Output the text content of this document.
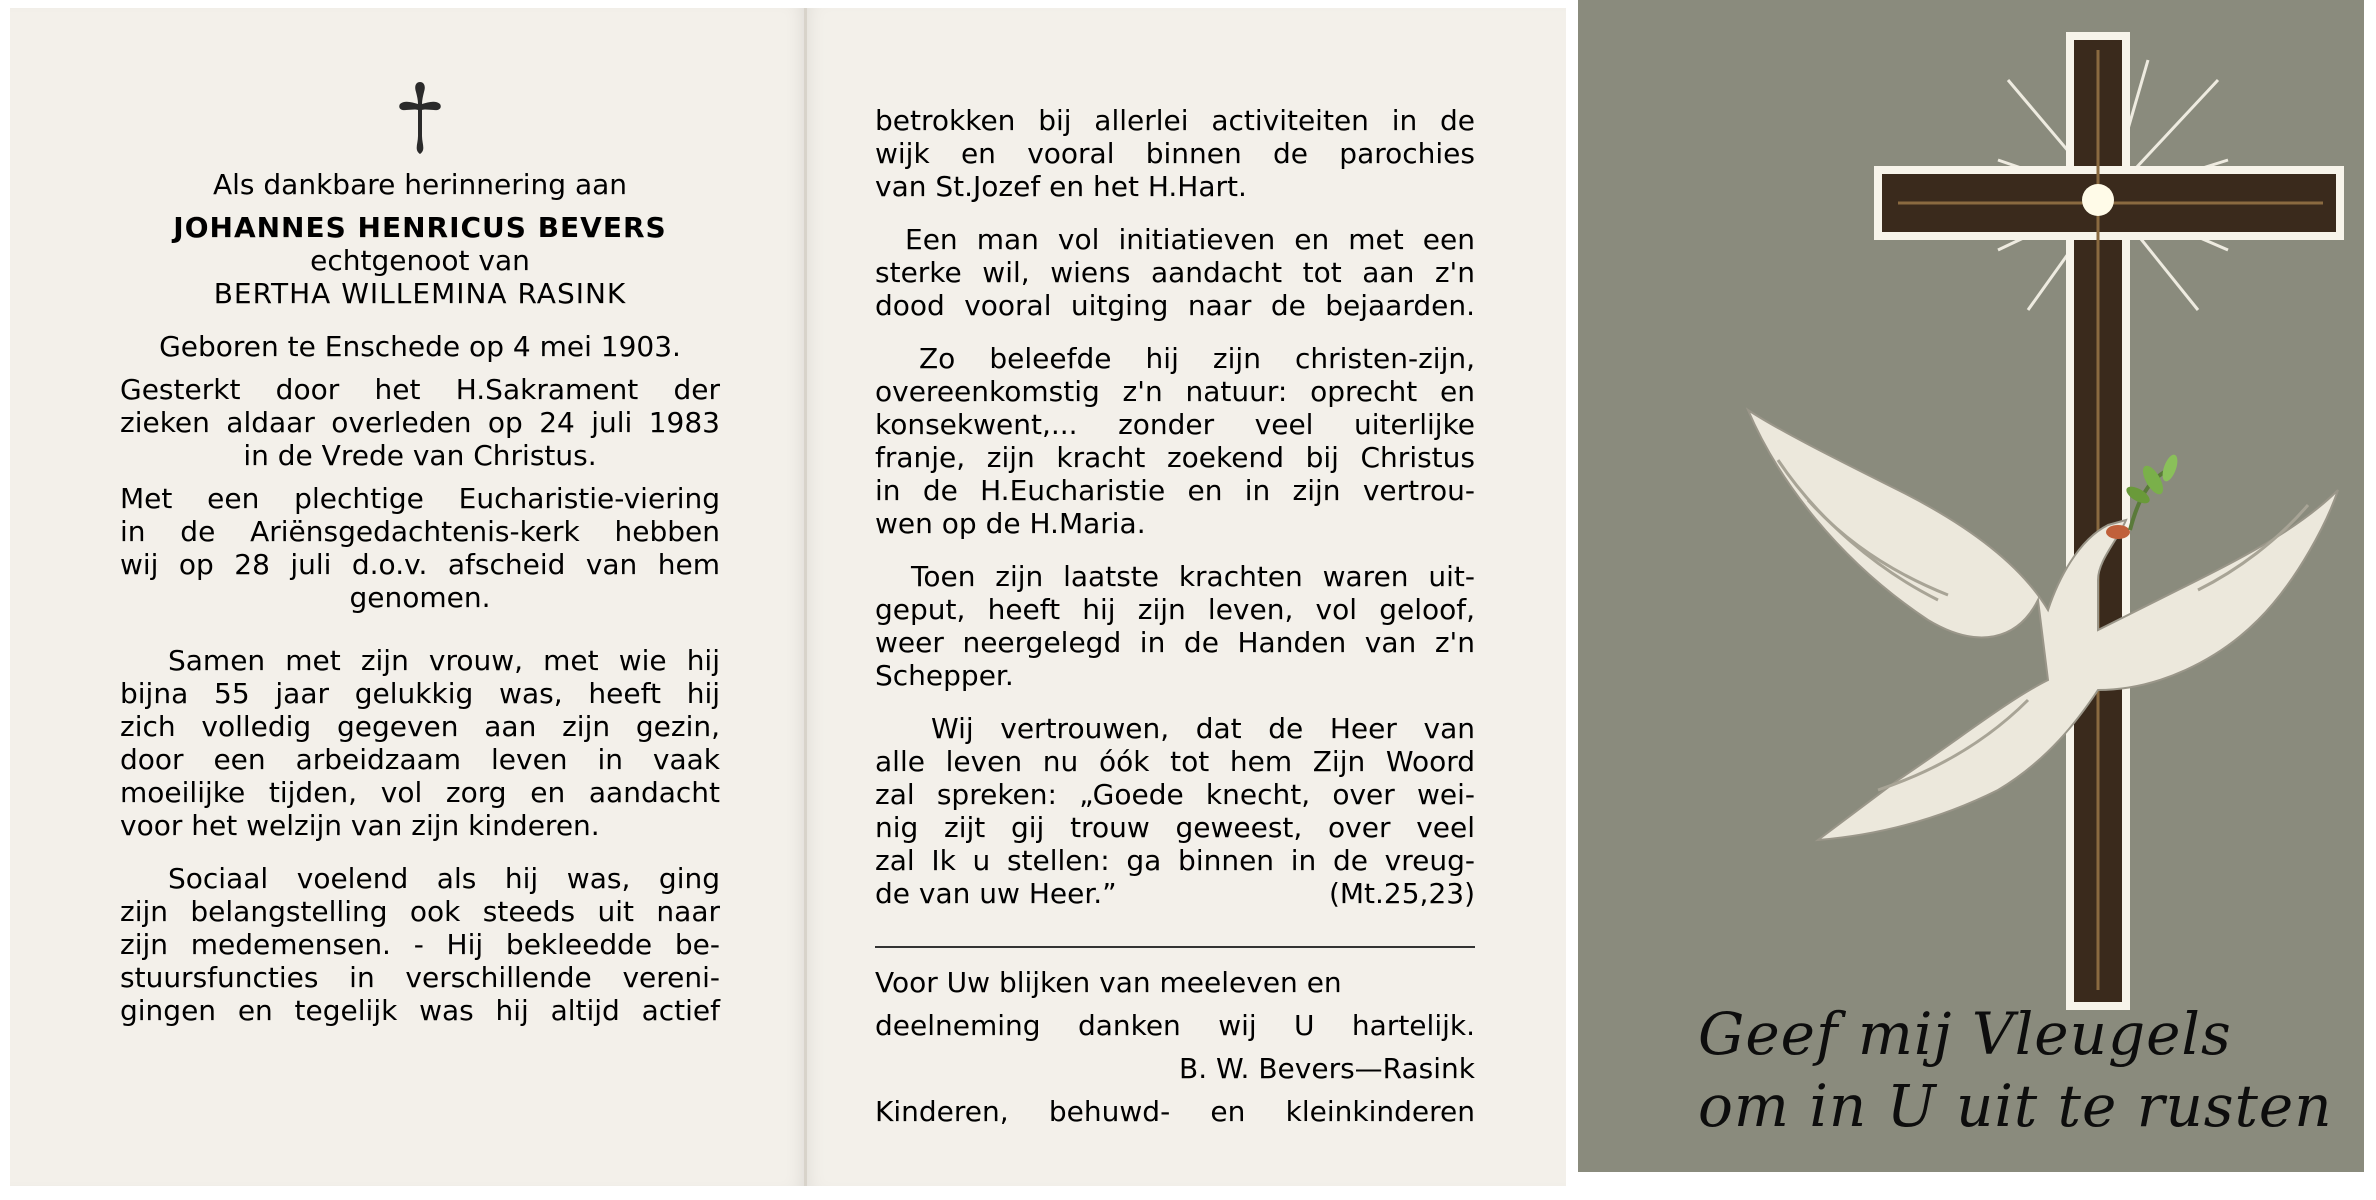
Als dankbare herinnering aan
JOHANNES HENRICUS BEVERS
echtgenoot van
BERTHA WILLEMINA RASINK
Geboren te Enschede op 4 mei 1903.
Gesterkt door het H.Sakrament der
zieken aldaar overleden op 24 juli 1983
in de Vrede van Christus.
Met een plechtige Eucharistie-viering
in de Ariënsgedachtenis-kerk hebben
wij op 28 juli d.o.v. afscheid van hem
genomen.
Samen met zijn vrouw, met wie hij
bijna 55 jaar gelukkig was, heeft hij
zich volledig gegeven aan zijn gezin,
door een arbeidzaam leven in vaak
moeilijke tijden, vol zorg en aandacht
voor het welzijn van zijn kinderen.
Sociaal voelend als hij was, ging
zijn belangstelling ook steeds uit naar
zijn medemensen. - Hij bekleedde be-
stuursfuncties in verschillende vereni-
gingen en tegelijk was hij altijd actief
betrokken bij allerlei activiteiten in de
wijk en vooral binnen de parochies
van St.Jozef en het H.Hart.
Een man vol initiatieven en met een
sterke wil, wiens aandacht tot aan z'n
dood vooral uitging naar de bejaarden.
Zo beleefde hij zijn christen-zijn,
overeenkomstig z'n natuur: oprecht en
konsekwent,... zonder veel uiterlijke
franje, zijn kracht zoekend bij Christus
in de H.Eucharistie en in zijn vertrou-
wen op de H.Maria.
Toen zijn laatste krachten waren uit-
geput, heeft hij zijn leven, vol geloof,
weer neergelegd in de Handen van z'n
Schepper.
Wij vertrouwen, dat de Heer van
alle leven nu óók tot hem Zijn Woord
zal spreken: „Goede knecht, over wei-
nig zijt gij trouw geweest, over veel
zal Ik u stellen: ga binnen in de vreug-
de van uw Heer.”	(Mt.25,23)
Voor Uw blijken van meeleven en
deelneming danken wij U hartelijk.
B. W. Bevers—Rasink
Kinderen, behuwd- en kleinkinderen
Geef mij Vleugels
om in U uit te rusten
